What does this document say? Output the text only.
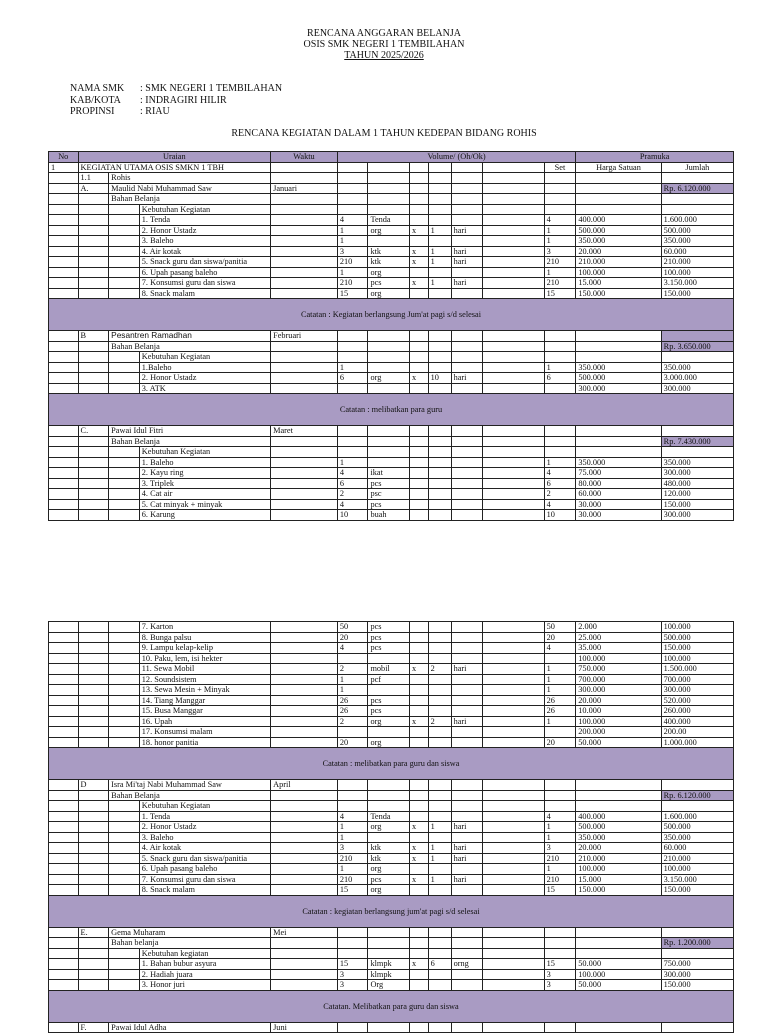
RENCANA ANGGARAN BELANJA
OSIS SMK NEGERI 1 TEMBILAHAN
TAHUN 2025/2026
NAMA SMK	: SMK NEGERI 1 TEMBILAHAN
KAB/KOTA	: INDRAGIRI HILIR
PROPINSI	: RIAU
RENCANA KEGIATAN DALAM 1 TAHUN KEDEPAN BIDANG ROHIS
No	Uraian			Waktu	Volume/ (Oh/Ok)							Pramuka	
1	KEGIATAN UTAMA OSIS SMKN 1 TBH										Set	Harga Satuan	Jumlah
	1.1	Rohis											
	A.	Maulid Nabi Muhammad Saw		Januari									Rp. 6.120.000
		Bahan Belanja											
			Kebutuhan Kegiatan										
			1. Tenda		4	Tenda					4	400.000	1.600.000
			2. Honor Ustadz		1	org	x	1	hari		1	500.000	500.000
			3. Baleho		1						1	350.000	350.000
			4. Air kotak		3	ktk	x	1	hari		3	20.000	60.000
			5. Snack guru dan siswa/panitia		210	ktk	x	1	hari		210	210.000	210.000
			6. Upah pasang baleho		1	org					1	100.000	100.000
			7. Konsumsi guru dan siswa		210	pcs	x	1	hari		210	15.000	3.150.000
			8. Snack malam		15	org					15	150.000	150.000
Catatan : Kegiatan berlangsung Jum'at pagi s/d selesai													
	B	Pesantren Ramadhan		Februari									
		Bahan Belanja											Rp. 3.650.000
			Kebutuhan Kegiatan										
			1.Baleho		1						1	350.000	350.000
			2. Honor Ustadz		6	org	x	10	hari		6	500.000	3.000.000
			3. ATK									300.000	300.000
Catatan : melibatkan para guru													
	C.	Pawai Idul Fitri		Maret									
		Bahan Belanja											Rp. 7.430.000
			Kebutuhan Kegiatan										
			1. Baleho		1						1	350.000	350.000
			2. Kayu ring		4	ikat					4	75.000	300.000
			3. Triplek		6	pcs					6	80.000	480.000
			4. Cat air		2	psc					2	60.000	120.000
			5. Cat minyak + minyak		4	pcs					4	30.000	150.000
			6. Karung		10	buah					10	30.000	300.000
			7. Karton		50	pcs					50	2.000	100.000
			8. Bunga palsu		20	pcs					20	25.000	500.000
			9. Lampu kelap-kelip		4	pcs					4	35.000	150.000
			10. Paku, lem, isi hekter									100.000	100.000
			11. Sewa Mobil		2	mobil	x	2	hari		1	750.000	1.500.000
			12. Soundsistem		1	pcf					1	700.000	700.000
			13. Sewa Mesin + Minyak		1						1	300.000	300.000
			14. Tiang Manggar		26	pcs					26	20.000	520.000
			15. Busa Manggar		26	pcs					26	10.000	260.000
			16. Upah		2	org	x	2	hari		1	100.000	400.000
			17. Konsumsi malam									200.000	200.00
			18. honor panitia		20	org					20	50.000	1.000.000
Catatan : melibatkan para guru dan siswa													
	D	Isra Mi'taj Nabi Muhammad Saw		April									
		Bahan Belanja											Rp. 6.120.000
			Kebutuhan Kegiatan										
			1. Tenda		4	Tenda					4	400.000	1.600.000
			2. Honor Ustadz		1	org	x	1	hari		1	500.000	500.000
			3. Baleho		1						1	350.000	350.000
			4. Air kotak		3	ktk	x	1	hari		3	20.000	60.000
			5. Snack guru dan siswa/panitia		210	ktk	x	1	hari		210	210.000	210.000
			6. Upah pasang baleho		1	org					1	100.000	100.000
			7. Konsumsi guru dan siswa		210	pcs	x	1	hari		210	15.000	3.150.000
			8. Snack malam		15	org					15	150.000	150.000
Catatan : kegiatan berlangsung jum'at pagi s/d selesai													
	E.	Gema Muharam		Mei									
		Bahan belanja											Rp. 1.200.000
			Kebutuhan kegiatan										
			1. Bahan bubur asyura		15	klmpk	x	6	orng		15	50.000	750.000
			2. Hadiah juara		3	klmpk					3	100.000	300.000
			3. Honor juri		3	Org					3	50.000	150.000
Catatan. Melibatkan para guru dan siswa													
	F.	Pawai Idul Adha		Juni									
